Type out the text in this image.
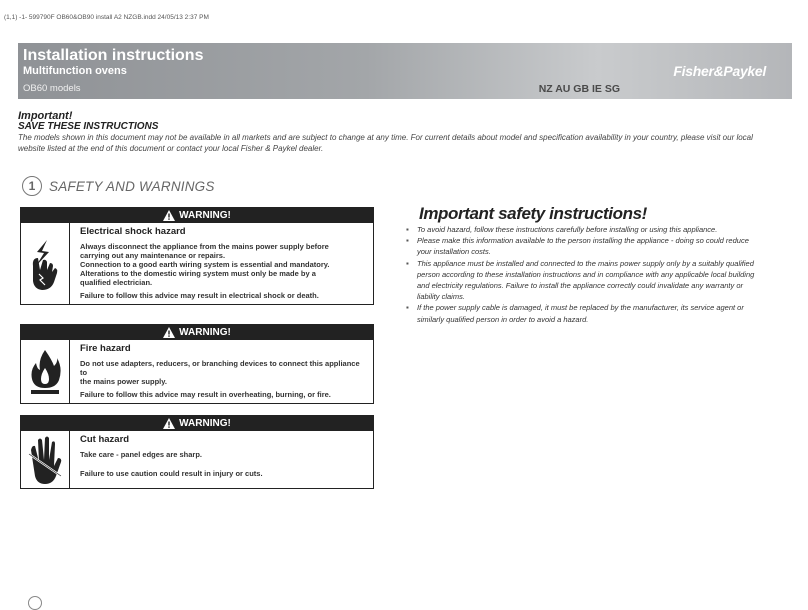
(1,1) -1- 599790F OB60&OB90 install A2 NZGB.indd 24/05/13 2:37 PM
Installation instructions
Multifunction ovens
OB60 models	NZ AU GB IE SG
Fisher&Paykel
Important!
SAVE THESE INSTRUCTIONS
The models shown in this document may not be available in all markets and are subject to change at any time. For current details about model and specification availability in your country, please visit our local website listed at the end of this document or contact your local Fisher & Paykel dealer.
1	SAFETY AND WARNINGS
WARNING!
Electrical shock hazard
Always disconnect the appliance from the mains power supply before
carrying out any maintenance or repairs.
Connection to a good earth wiring system is essential and mandatory.
Alterations to the domestic wiring system must only be made by a
qualified electrician.
Failure to follow this advice may result in electrical shock or death.
WARNING!
Fire hazard
Do not use adapters, reducers, or branching devices to connect this appliance to
the mains power supply.
Failure to follow this advice may result in overheating, burning, or fire.
WARNING!
Cut hazard
Take care - panel edges are sharp.
Failure to use caution could result in injury or cuts.
Important safety instructions!
▪ To avoid hazard, follow these instructions carefully before installing or using this appliance.
▪ Please make this information available to the person installing the appliance - doing so could reduce your installation costs.
▪ This appliance must be installed and connected to the mains power supply only by a suitably qualified person according to these installation instructions and in compliance with any applicable local building and electricity regulations. Failure to install the appliance correctly could invalidate any warranty or liability claims.
▪ If the power supply cable is damaged, it must be replaced by the manufacturer, its service agent or similarly qualified person in order to avoid a hazard.
